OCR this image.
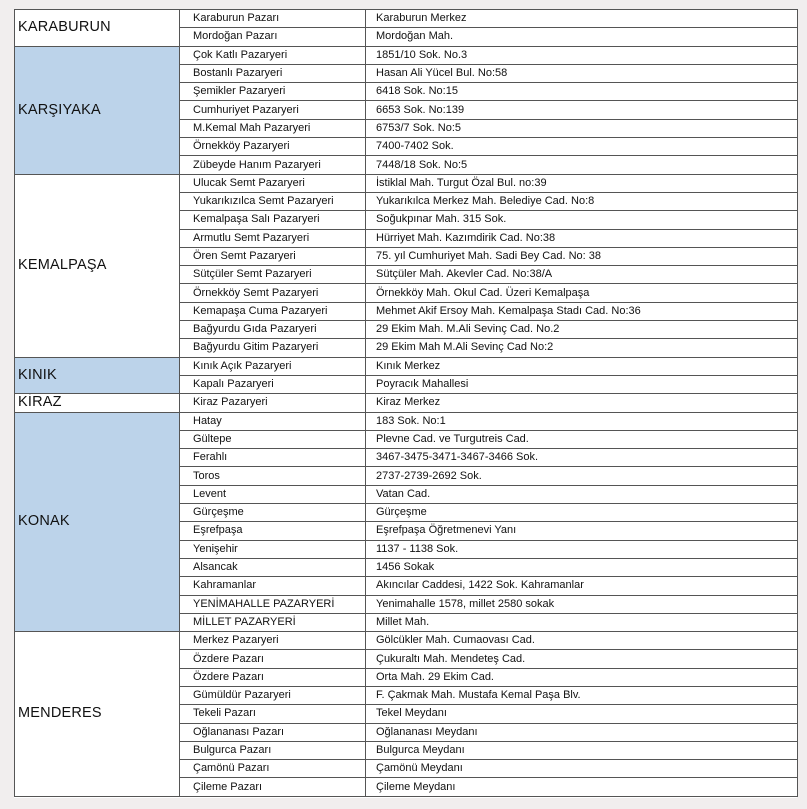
KARABURUN	Karaburun Pazarı	Karaburun Merkez
	Mordoğan Pazarı	Mordoğan Mah.
KARŞIYAKA	Çok Katlı Pazaryeri	1851/10 Sok. No.3
	Bostanlı Pazaryeri	Hasan Ali Yücel Bul. No:58
	Şemikler Pazaryeri	6418 Sok. No:15
	Cumhuriyet Pazaryeri	6653 Sok. No:139
	M.Kemal Mah Pazaryeri	6753/7 Sok. No:5
	Örnekköy Pazaryeri	7400-7402 Sok.
	Zübeyde Hanım Pazaryeri	7448/18 Sok. No:5
KEMALPAŞA	Ulucak Semt Pazaryeri	İstiklal Mah. Turgut Özal Bul. no:39
	Yukarıkızılca Semt Pazaryeri	Yukarıkılca Merkez Mah. Belediye Cad. No:8
	Kemalpaşa Salı Pazaryeri	Soğukpınar Mah. 315 Sok.
	Armutlu Semt Pazaryeri	Hürriyet Mah. Kazımdirik Cad. No:38
	Ören Semt Pazaryeri	75. yıl Cumhuriyet Mah. Sadi Bey Cad. No: 38
	Sütçüler Semt Pazaryeri	Sütçüler Mah. Akevler Cad. No:38/A
	Örnekköy Semt Pazaryeri	Örnekköy Mah. Okul Cad. Üzeri Kemalpaşa
	Kemapaşa Cuma Pazaryeri	Mehmet Akif Ersoy Mah. Kemalpaşa Stadı Cad. No:36
	Bağyurdu Gıda Pazaryeri	29 Ekim Mah. M.Ali Sevinç Cad. No.2
	Bağyurdu Gitim Pazaryeri	29 Ekim Mah M.Ali Sevinç Cad No:2
KINIK	Kınık Açık Pazaryeri	Kınık Merkez
	Kapalı Pazaryeri	Poyracık Mahallesi
KİRAZ	Kiraz Pazaryeri	Kiraz Merkez
KONAK	Hatay	183 Sok. No:1
	Gültepe	Plevne Cad. ve Turgutreis Cad.
	Ferahlı	3467-3475-3471-3467-3466 Sok.
	Toros	2737-2739-2692 Sok.
	Levent	Vatan Cad.
	Gürçeşme	Gürçeşme
	Eşrefpaşa	Eşrefpaşa Öğretmenevi Yanı
	Yenişehir	1137 - 1138 Sok.
	Alsancak	1456 Sokak
	Kahramanlar	Akıncılar Caddesi, 1422 Sok. Kahramanlar
	YENİMAHALLE PAZARYERİ	Yenimahalle 1578, millet 2580 sokak
	MİLLET PAZARYERİ	Millet Mah.
MENDERES	Merkez Pazaryeri	Gölcükler Mah. Cumaovası Cad.
	Özdere Pazarı	Çukuraltı Mah. Mendeteş Cad.
	Özdere Pazarı	Orta Mah. 29 Ekim Cad.
	Gümüldür Pazaryeri	F. Çakmak Mah. Mustafa Kemal Paşa Blv.
	Tekeli Pazarı	Tekel Meydanı
	Oğlananası Pazarı	Oğlananası Meydanı
	Bulgurca Pazarı	Bulgurca Meydanı
	Çamönü Pazarı	Çamönü Meydanı
	Çileme Pazarı	Çileme Meydanı
